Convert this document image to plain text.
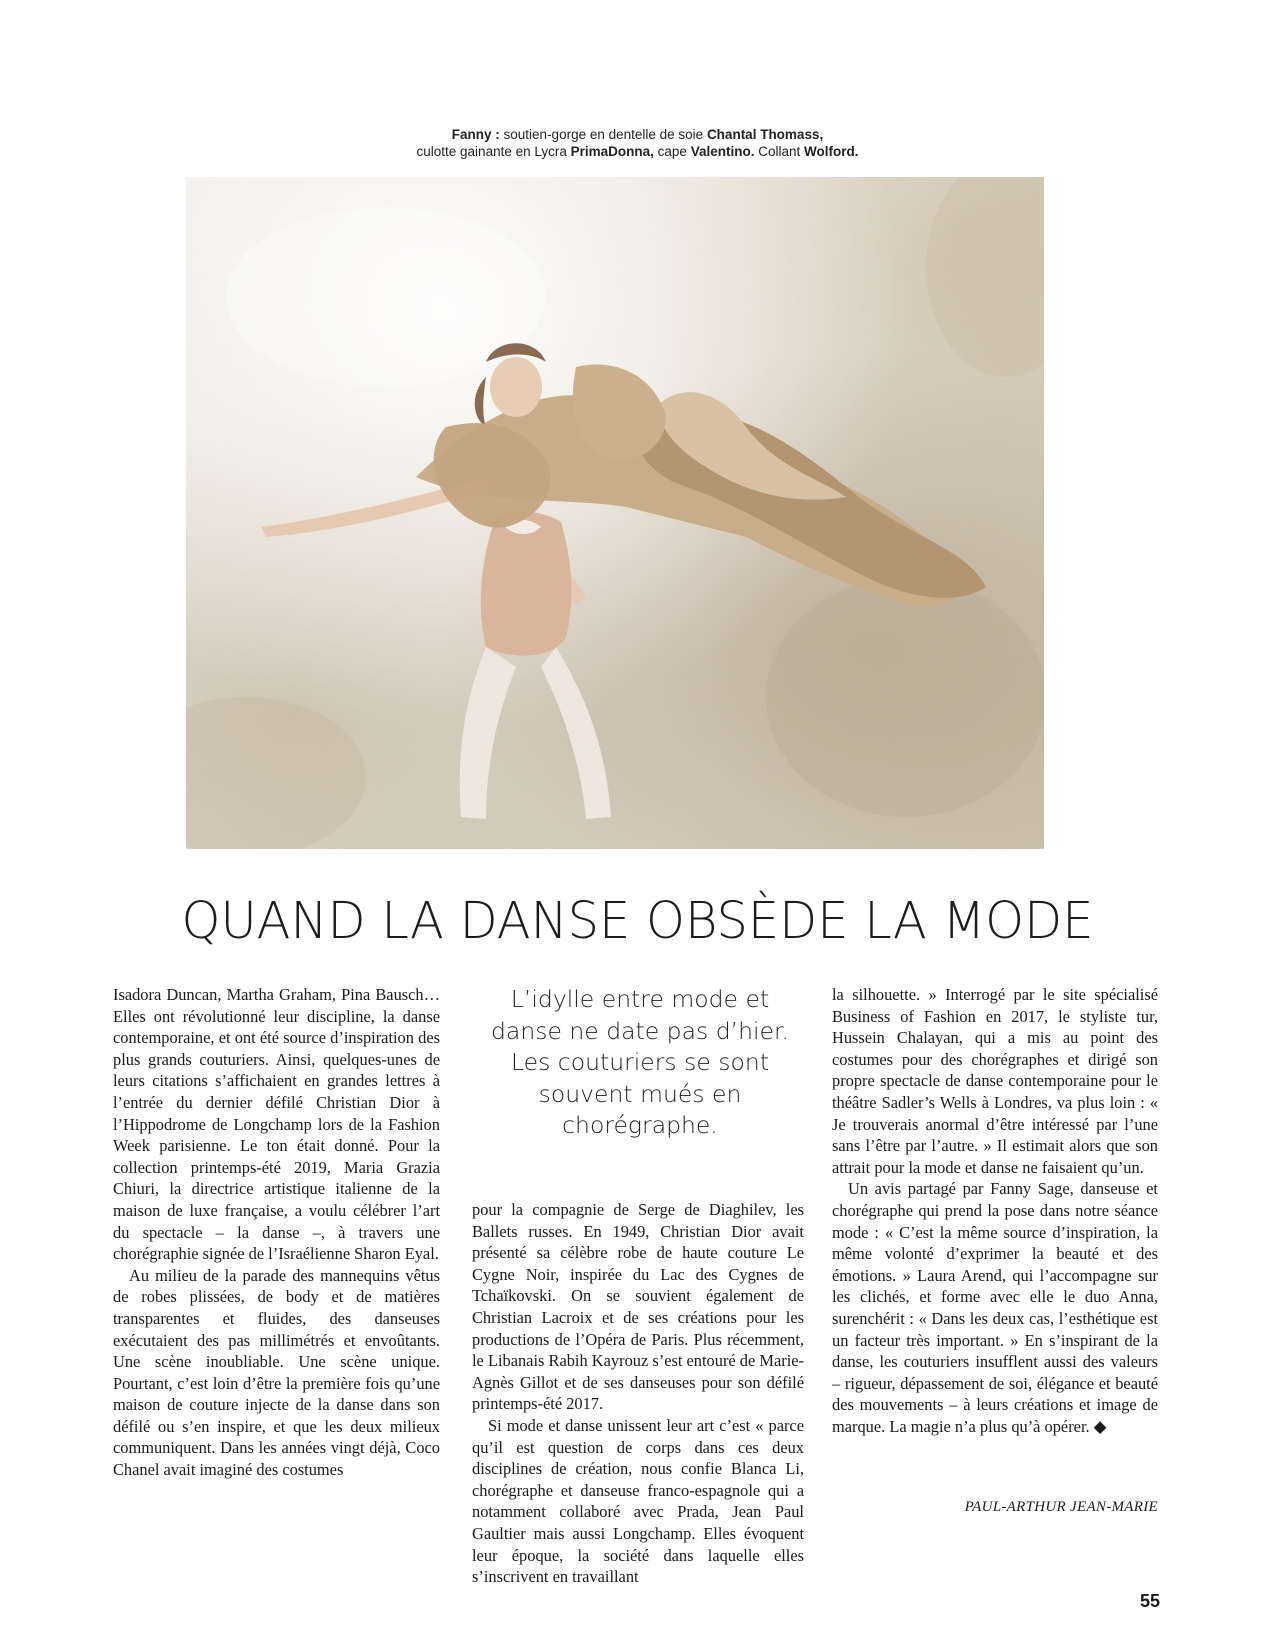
Fanny : soutien-gorge en dentelle de soie Chantal Thomass,
culotte gainante en Lycra PrimaDonna, cape Valentino. Collant Wolford.
QUAND LA DANSE OBSÈDE LA MODE

Isadora Duncan, Martha Graham, Pina Bausch… Elles ont révolutionné leur discipline, la danse contemporaine, et ont été source d’inspiration des plus grands couturiers. Ainsi, quelques-unes de leurs citations s’affichaient en grandes lettres à l’entrée du dernier défilé Christian Dior à l’Hippodrome de Longchamp lors de la Fashion Week parisienne. Le ton était donné. Pour la collection printemps-été 2019, Maria Grazia Chiuri, la directrice artistique italienne de la maison de luxe française, a voulu célébrer l’art du spectacle – la danse –, à travers une chorégraphie signée de l’Israélienne Sharon Eyal.

Au milieu de la parade des mannequins vêtus de robes plissées, de body et de matières transparentes et fluides, des danseuses exécutaient des pas millimétrés et envoûtants. Une scène inoubliable. Une scène unique. Pourtant, c’est loin d’être la première fois qu’une maison de couture injecte de la danse dans son défilé ou s’en inspire, et que les deux milieux communiquent. Dans les années vingt déjà, Coco Chanel avait imaginé des costumes

L’idylle entre mode et danse ne date pas d’hier. Les couturiers se sont souvent mués en chorégraphe.

pour la compagnie de Serge de Diaghilev, les Ballets russes. En 1949, Christian Dior avait présenté sa célèbre robe de haute couture Le Cygne Noir, inspirée du Lac des Cygnes de Tchaïkovski. On se souvient également de Christian Lacroix et de ses créations pour les productions de l’Opéra de Paris. Plus récemment, le Libanais Rabih Kayrouz s’est entouré de Marie-Agnès Gillot et de ses danseuses pour son défilé printemps-été 2017.

Si mode et danse unissent leur art c’est « parce qu’il est question de corps dans ces deux disciplines de création, nous confie Blanca Li, chorégraphe et danseuse franco-espagnole qui a notamment collaboré avec Prada, Jean Paul Gaultier mais aussi Longchamp. Elles évoquent leur époque, la société dans laquelle elles s’inscrivent en travaillant

la silhouette. » Interrogé par le site spécialisé Business of Fashion en 2017, le styliste tur, Hussein Chalayan, qui a mis au point des costumes pour des chorégraphes et dirigé son propre spectacle de danse contemporaine pour le théâtre Sadler’s Wells à Londres, va plus loin : « Je trouverais anormal d’être intéressé par l’une sans l’être par l’autre. » Il estimait alors que son attrait pour la mode et danse ne faisaient qu’un.

Un avis partagé par Fanny Sage, danseuse et chorégraphe qui prend la pose dans notre séance mode : « C’est la même source d’inspiration, la même volonté d’exprimer la beauté et des émotions. » Laura Arend, qui l’accompagne sur les clichés, et forme avec elle le duo Anna, surenchérit : « Dans les deux cas, l’esthétique est un facteur très important. » En s’inspirant de la danse, les couturiers insufflent aussi des valeurs – rigueur, dépassement de soi, élégance et beauté des mouvements – à leurs créations et image de marque. La magie n’a plus qu’à opérer. ◆

PAUL-ARTHUR JEAN-MARIE
55
